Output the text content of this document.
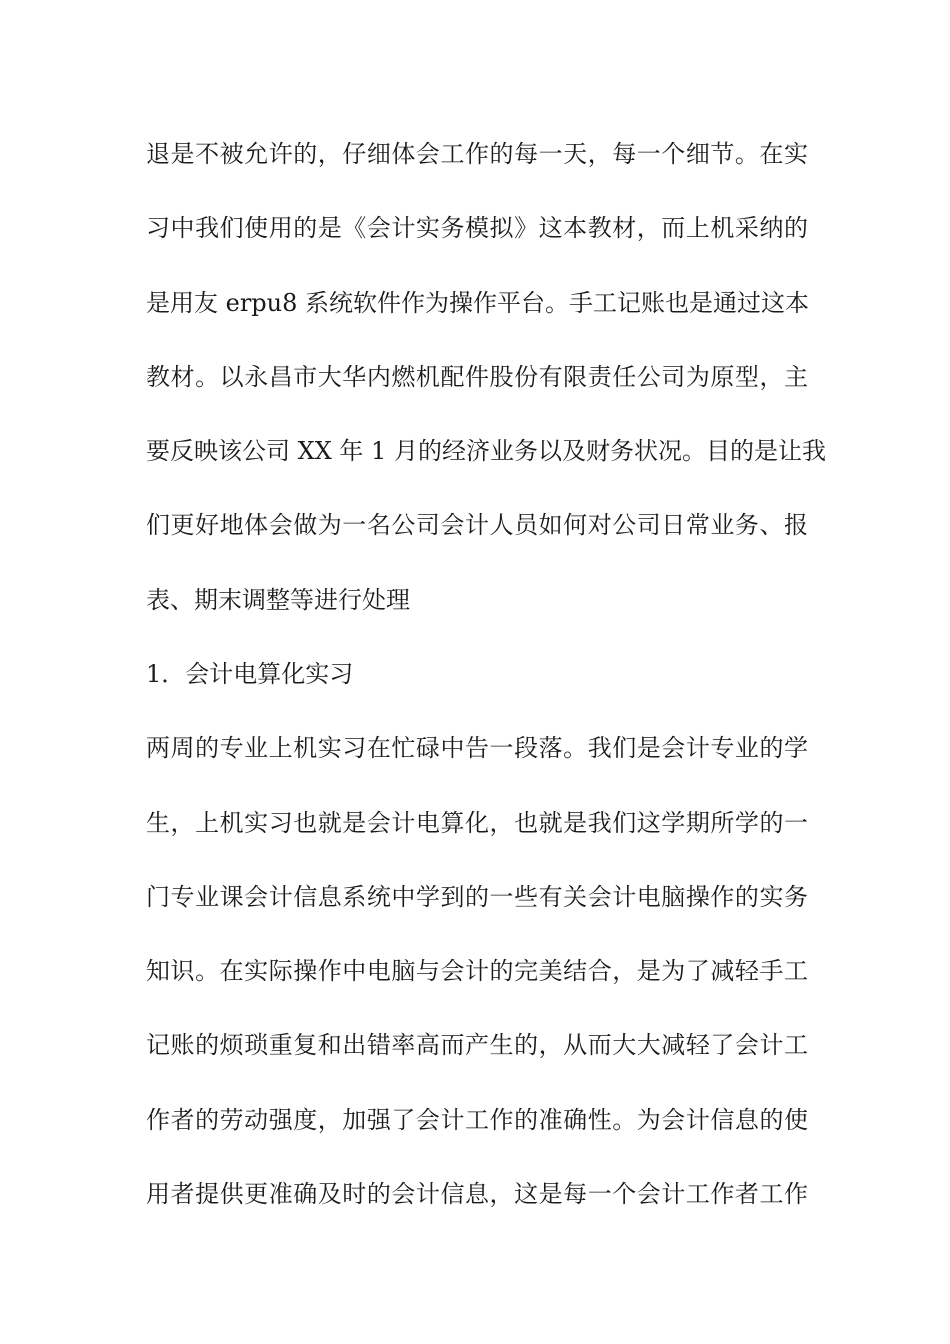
退是不被允许的，仔细体会工作的每一天，每一个细节。在实
习中我们使用的是《会计实务模拟》这本教材，而上机采纳的
是用友 erpu8 系统软件作为操作平台。手工记账也是通过这本
教材。以永昌市大华内燃机配件股份有限责任公司为原型，主
要反映该公司 XX 年 1 月的经济业务以及财务状况。目的是让我
们更好地体会做为一名公司会计人员如何对公司日常业务、报
表、期末调整等进行处理
1．会计电算化实习
两周的专业上机实习在忙碌中告一段落。我们是会计专业的学
生，上机实习也就是会计电算化，也就是我们这学期所学的一
门专业课会计信息系统中学到的一些有关会计电脑操作的实务
知识。在实际操作中电脑与会计的完美结合，是为了减轻手工
记账的烦琐重复和出错率高而产生的，从而大大减轻了会计工
作者的劳动强度，加强了会计工作的准确性。为会计信息的使
用者提供更准确及时的会计信息，这是每一个会计工作者工作
